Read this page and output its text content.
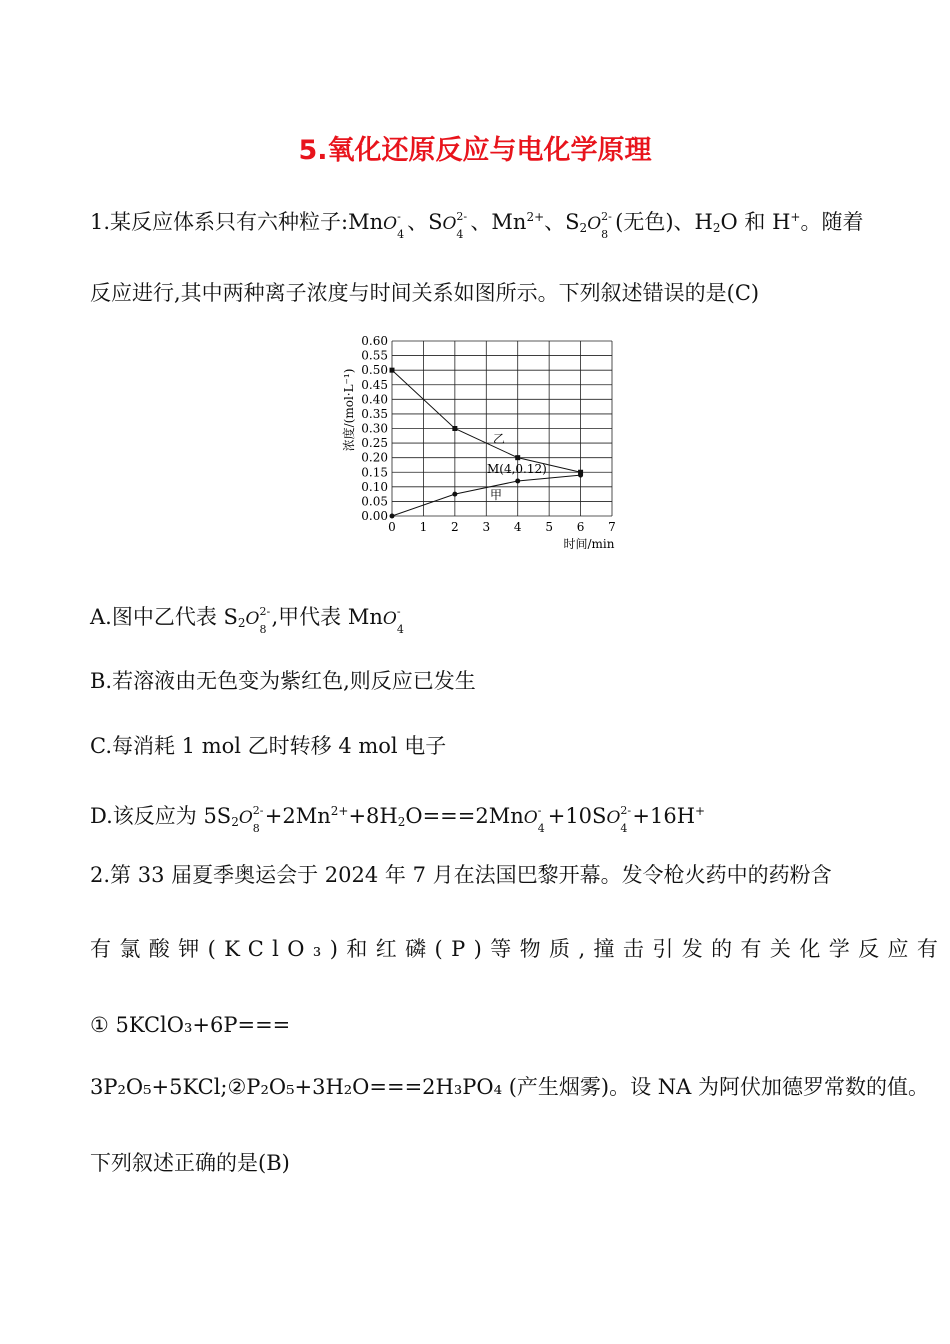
5.氧化还原反应与电化学原理
1.某反应体系只有六种粒子:MnO -
4
、SO 2-
4
、$Mn^{2+}$、$S_2O$ 2-
8
(无色)、$H_2O$ 和 H+。随着
反应进行,其中两种离子浓度与时间关系如图所示。下列叙述错误的是(C)
0 1 2 3 4 5 6 7
0.00
0.05
0.10
0.15
0.20
0.25
0.30
0.35
0.40
0.45
0.50
0.55
0.60
时间/min
浓度/(mol·L⁻¹)	乙
甲
M(4,0.12)
A.图中乙代表 $S_2O$ 2-
8
,甲代表 MnO -
4
B.若溶液由无色变为紫红色,则反应已发生
C.每消耗 1 mol 乙时转移 4 mol 电子
D.该反应为 $5S_2O$ 2-
8
$+2Mn^{2+}+8H_2O===2MnO$ -
4
+10SO 2-
4
+16H+
2.第 33 届夏季奥运会于 2024 年 7 月在法国巴黎开幕。发令枪火药中的药粉含
有氯酸钾(KClO₃)和红磷(P)等物质,撞击引发的有关化学反应有
① 5KClO₃+6P===
3P₂O₅+5KCl;②P₂O₅+3H₂O===2H₃PO₄ (产生烟雾)。设 NA 为阿伏加德罗常数的值。
下列叙述正确的是(B)
